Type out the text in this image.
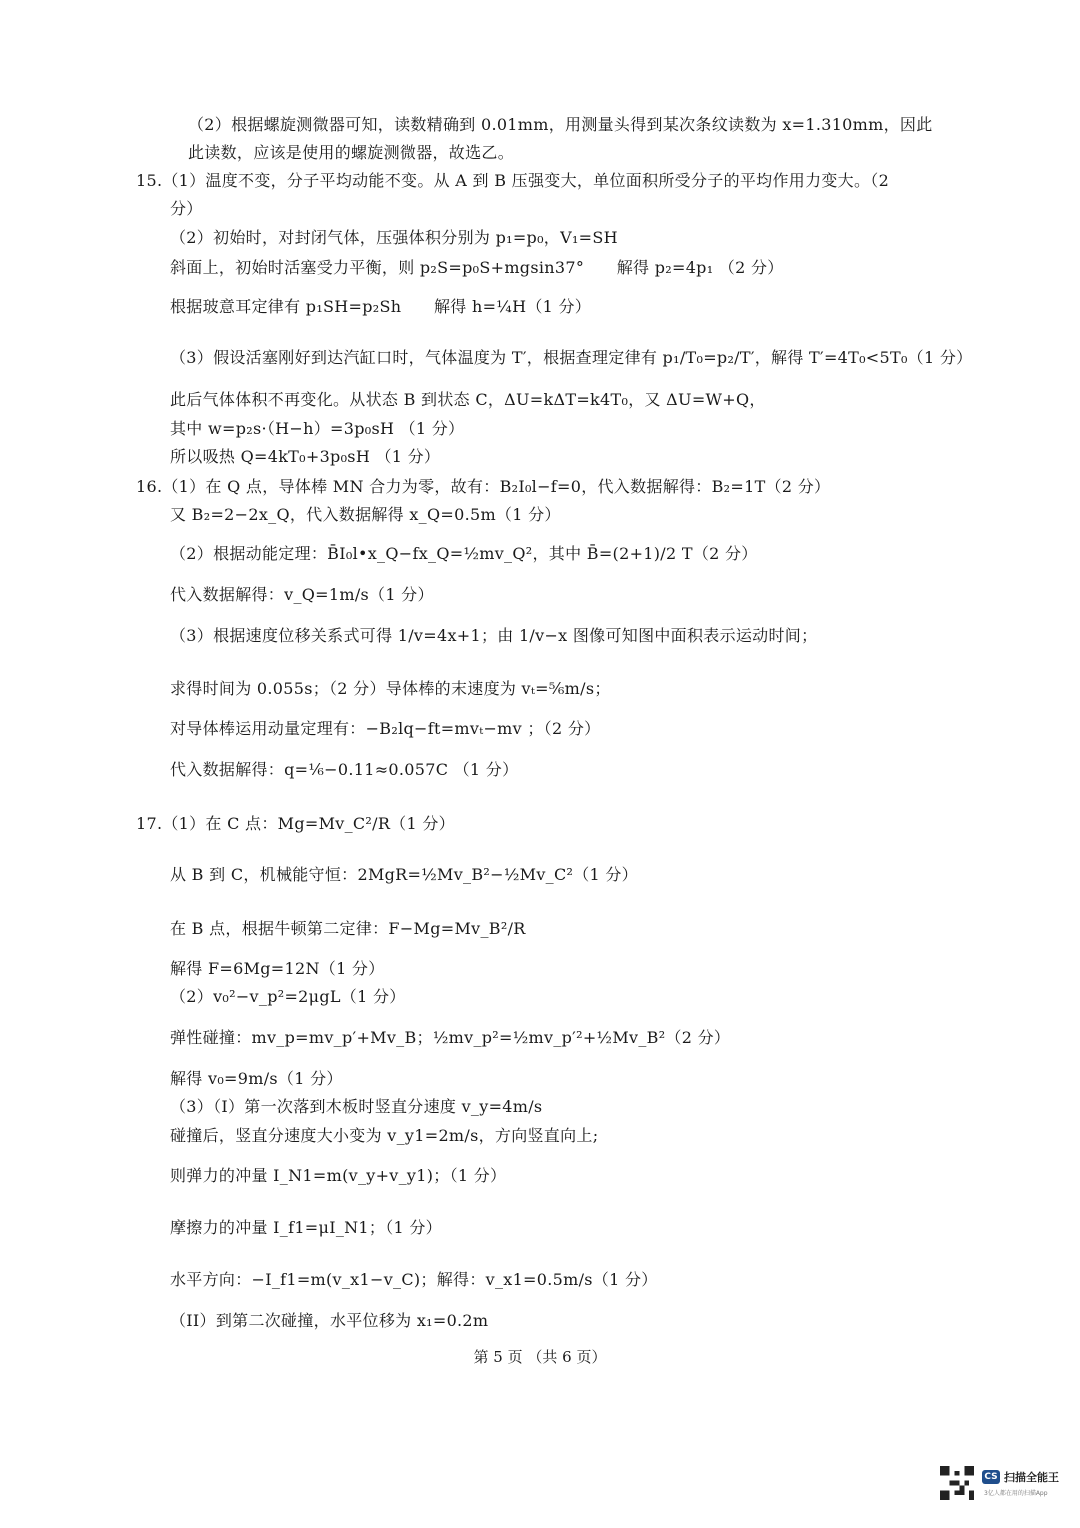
（2）根据螺旋测微器可知，读数精确到 0.01mm，用测量头得到某次条纹读数为 x=1.310mm，因此
此读数，应该是使用的螺旋测微器，故选乙。
15.（1）温度不变，分子平均动能不变。从 A 到 B 压强变大，单位面积所受分子的平均作用力变大。（2
分）
（2）初始时，对封闭气体，压强体积分别为 p₁=p₀，V₁=SH
斜面上，初始时活塞受力平衡，则 p₂S=p₀S+mgsin37°　　解得 p₂=4p₁ （2 分）
根据玻意耳定律有 p₁SH=p₂Sh　　解得 h=¼H（1 分）
（3）假设活塞刚好到达汽缸口时，气体温度为 T′，根据查理定律有 p₁/T₀=p₂/T′，解得 T′=4T₀<5T₀（1 分）
此后气体体积不再变化。从状态 B 到状态 C，ΔU=kΔT=k4T₀，又 ΔU=W+Q，
其中 w=p₂s·（H−h）=3p₀sH （1 分）
所以吸热 Q=4kT₀+3p₀sH （1 分）
16.（1）在 Q 点，导体棒 MN 合力为零，故有：B₂I₀l−f=0，代入数据解得：B₂=1T（2 分）
又 B₂=2−2x_Q，代入数据解得 x_Q=0.5m（1 分）
（2）根据动能定理：B̄I₀l•x_Q−fx_Q=½mv_Q²，其中 B̄=(2+1)/2 T（2 分）
代入数据解得：v_Q=1m/s（1 分）
（3）根据速度位移关系式可得 1/v=4x+1；由 1/v−x 图像可知图中面积表示运动时间；
求得时间为 0.055s；（2 分）导体棒的末速度为 vₜ=⅚m/s；
对导体棒运用动量定理有：−B₂lq−ft=mvₜ−mv ；（2 分）
代入数据解得：q=⅙−0.11≈0.057C （1 分）
17.（1）在 C 点：Mg=Mv_C²/R（1 分）
从 B 到 C，机械能守恒：2MgR=½Mv_B²−½Mv_C²（1 分）
在 B 点，根据牛顿第二定律：F−Mg=Mv_B²/R
解得 F=6Mg=12N（1 分）
（2）v₀²−v_p²=2μgL（1 分）
弹性碰撞：mv_p=mv_p′+Mv_B；½mv_p²=½mv_p′²+½Mv_B²（2 分）
解得 v₀=9m/s（1 分）
（3）（I）第一次落到木板时竖直分速度 v_y=4m/s
碰撞后，竖直分速度大小变为 v_y1=2m/s，方向竖直向上;
则弹力的冲量 I_N1=m(v_y+v_y1)；（1 分）
摩擦力的冲量 I_f1=μI_N1；（1 分）
水平方向：−I_f1=m(v_x1−v_C)；解得：v_x1=0.5m/s（1 分）
（II）到第二次碰撞，水平位移为 x₁=0.2m
第 5 页 （共 6 页）
CS 扫描全能王
3亿人都在用的扫描App
